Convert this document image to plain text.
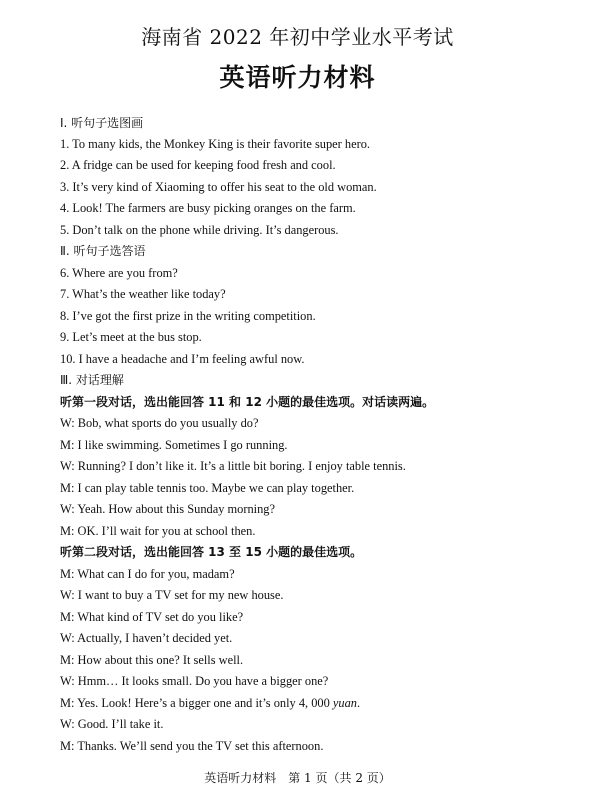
海南省 2022 年初中学业水平考试
英语听力材料
Ⅰ. 听句子选图画
1. To many kids, the Monkey King is their favorite super hero.
2. A fridge can be used for keeping food fresh and cool.
3. It’s very kind of Xiaoming to offer his seat to the old woman.
4. Look! The farmers are busy picking oranges on the farm.
5. Don’t talk on the phone while driving. It’s dangerous.
Ⅱ. 听句子选答语
6. Where are you from?
7. What’s the weather like today?
8. I’ve got the first prize in the writing competition.
9. Let’s meet at the bus stop.
10. I have a headache and I’m feeling awful now.
Ⅲ. 对话理解
听第一段对话，选出能回答 11 和 12 小题的最佳选项。对话读两遍。
W: Bob, what sports do you usually do?
M: I like swimming. Sometimes I go running.
W: Running? I don’t like it. It’s a little bit boring. I enjoy table tennis.
M: I can play table tennis too. Maybe we can play together.
W: Yeah. How about this Sunday morning?
M: OK. I’ll wait for you at school then.
听第二段对话，选出能回答 13 至 15 小题的最佳选项。
M: What can I do for you, madam?
W: I want to buy a TV set for my new house.
M: What kind of TV set do you like?
W: Actually, I haven’t decided yet.
M: How about this one? It sells well.
W: Hmm… It looks small. Do you have a bigger one?
M: Yes. Look! Here’s a bigger one and it’s only 4, 000 yuan.
W: Good. I’ll take it.
M: Thanks. We’ll send you the TV set this afternoon.
英语听力材料　第 1 页（共 2 页）
